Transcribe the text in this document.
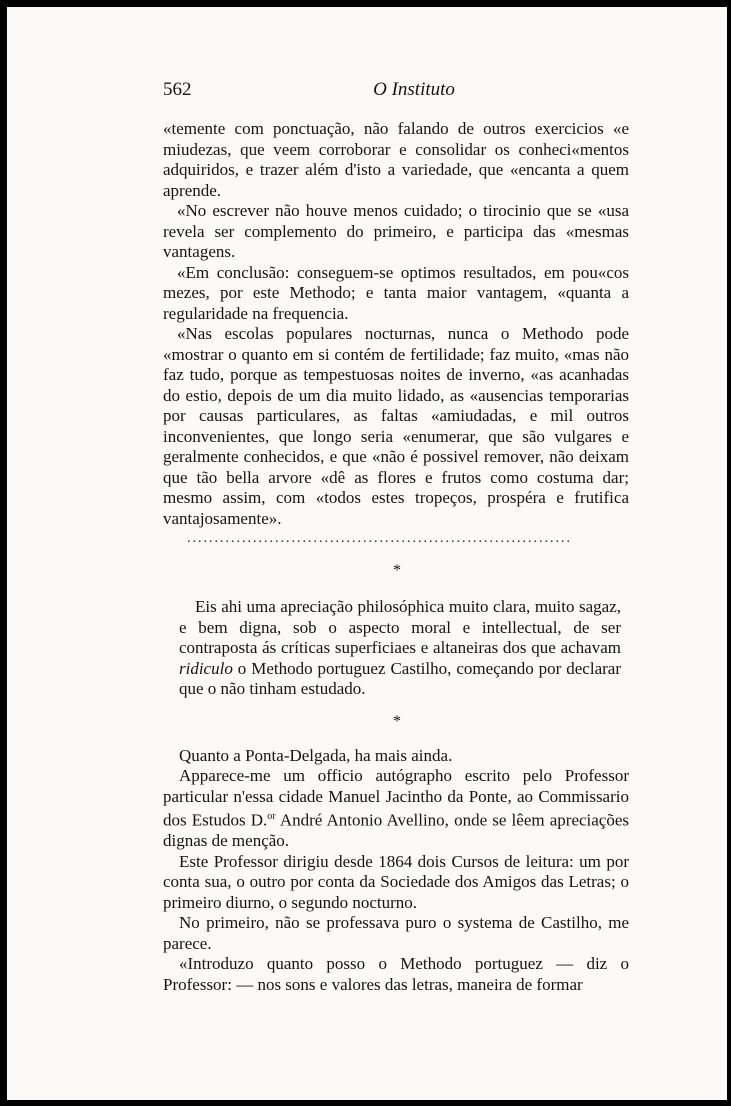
562	O Instituto

«temente com ponctuação, não falando de outros exercicios «e miudezas, que veem corroborar e consolidar os conheci«mentos adquiridos, e trazer além d'isto a variedade, que «encanta a quem aprende.

«No escrever não houve menos cuidado; o tirocinio que se «usa revela ser complemento do primeiro, e participa das «mesmas vantagens.

«Em conclusão: conseguem-se optimos resultados, em pou«cos mezes, por este Methodo; e tanta maior vantagem, «quanta a regularidade na frequencia.

«Nas escolas populares nocturnas, nunca o Methodo pode «mostrar o quanto em si contém de fertilidade; faz muito, «mas não faz tudo, porque as tempestuosas noites de inverno, «as acanhadas do estio, depois de um dia muito lidado, as «ausencias temporarias por causas particulares, as faltas «amiudadas, e mil outros inconvenientes, que longo seria «enumerar, que são vulgares e geralmente conhecidos, e que «não é possivel remover, não deixam que tão bella arvore «dê as flores e frutos como costuma dar; mesmo assim, com «todos estes tropeços, prospéra e frutifica vantajosamente».

......................................................................
*

Eis ahi uma apreciação philosóphica muito clara, muito sagaz, e bem digna, sob o aspecto moral e intellectual, de ser contraposta ás críticas superficiaes e altaneiras dos que achavam ridiculo o Methodo portuguez Castilho, começando por declarar que o não tinham estudado.

*

Quanto a Ponta-Delgada, ha mais ainda.

Apparece-me um officio autógrapho escrito pelo Professor particular n'essa cidade Manuel Jacintho da Ponte, ao Commissario dos Estudos D.$^{or}$ André Antonio Avellino, onde se lêem apreciações dignas de menção.

Este Professor dirigiu desde 1864 dois Cursos de leitura: um por conta sua, o outro por conta da Sociedade dos Amigos das Letras; o primeiro diurno, o segundo nocturno.

No primeiro, não se professava puro o systema de Castilho, me parece.

«Introduzo quanto posso o Methodo portuguez — diz o Professor: — nos sons e valores das letras, maneira de formar
